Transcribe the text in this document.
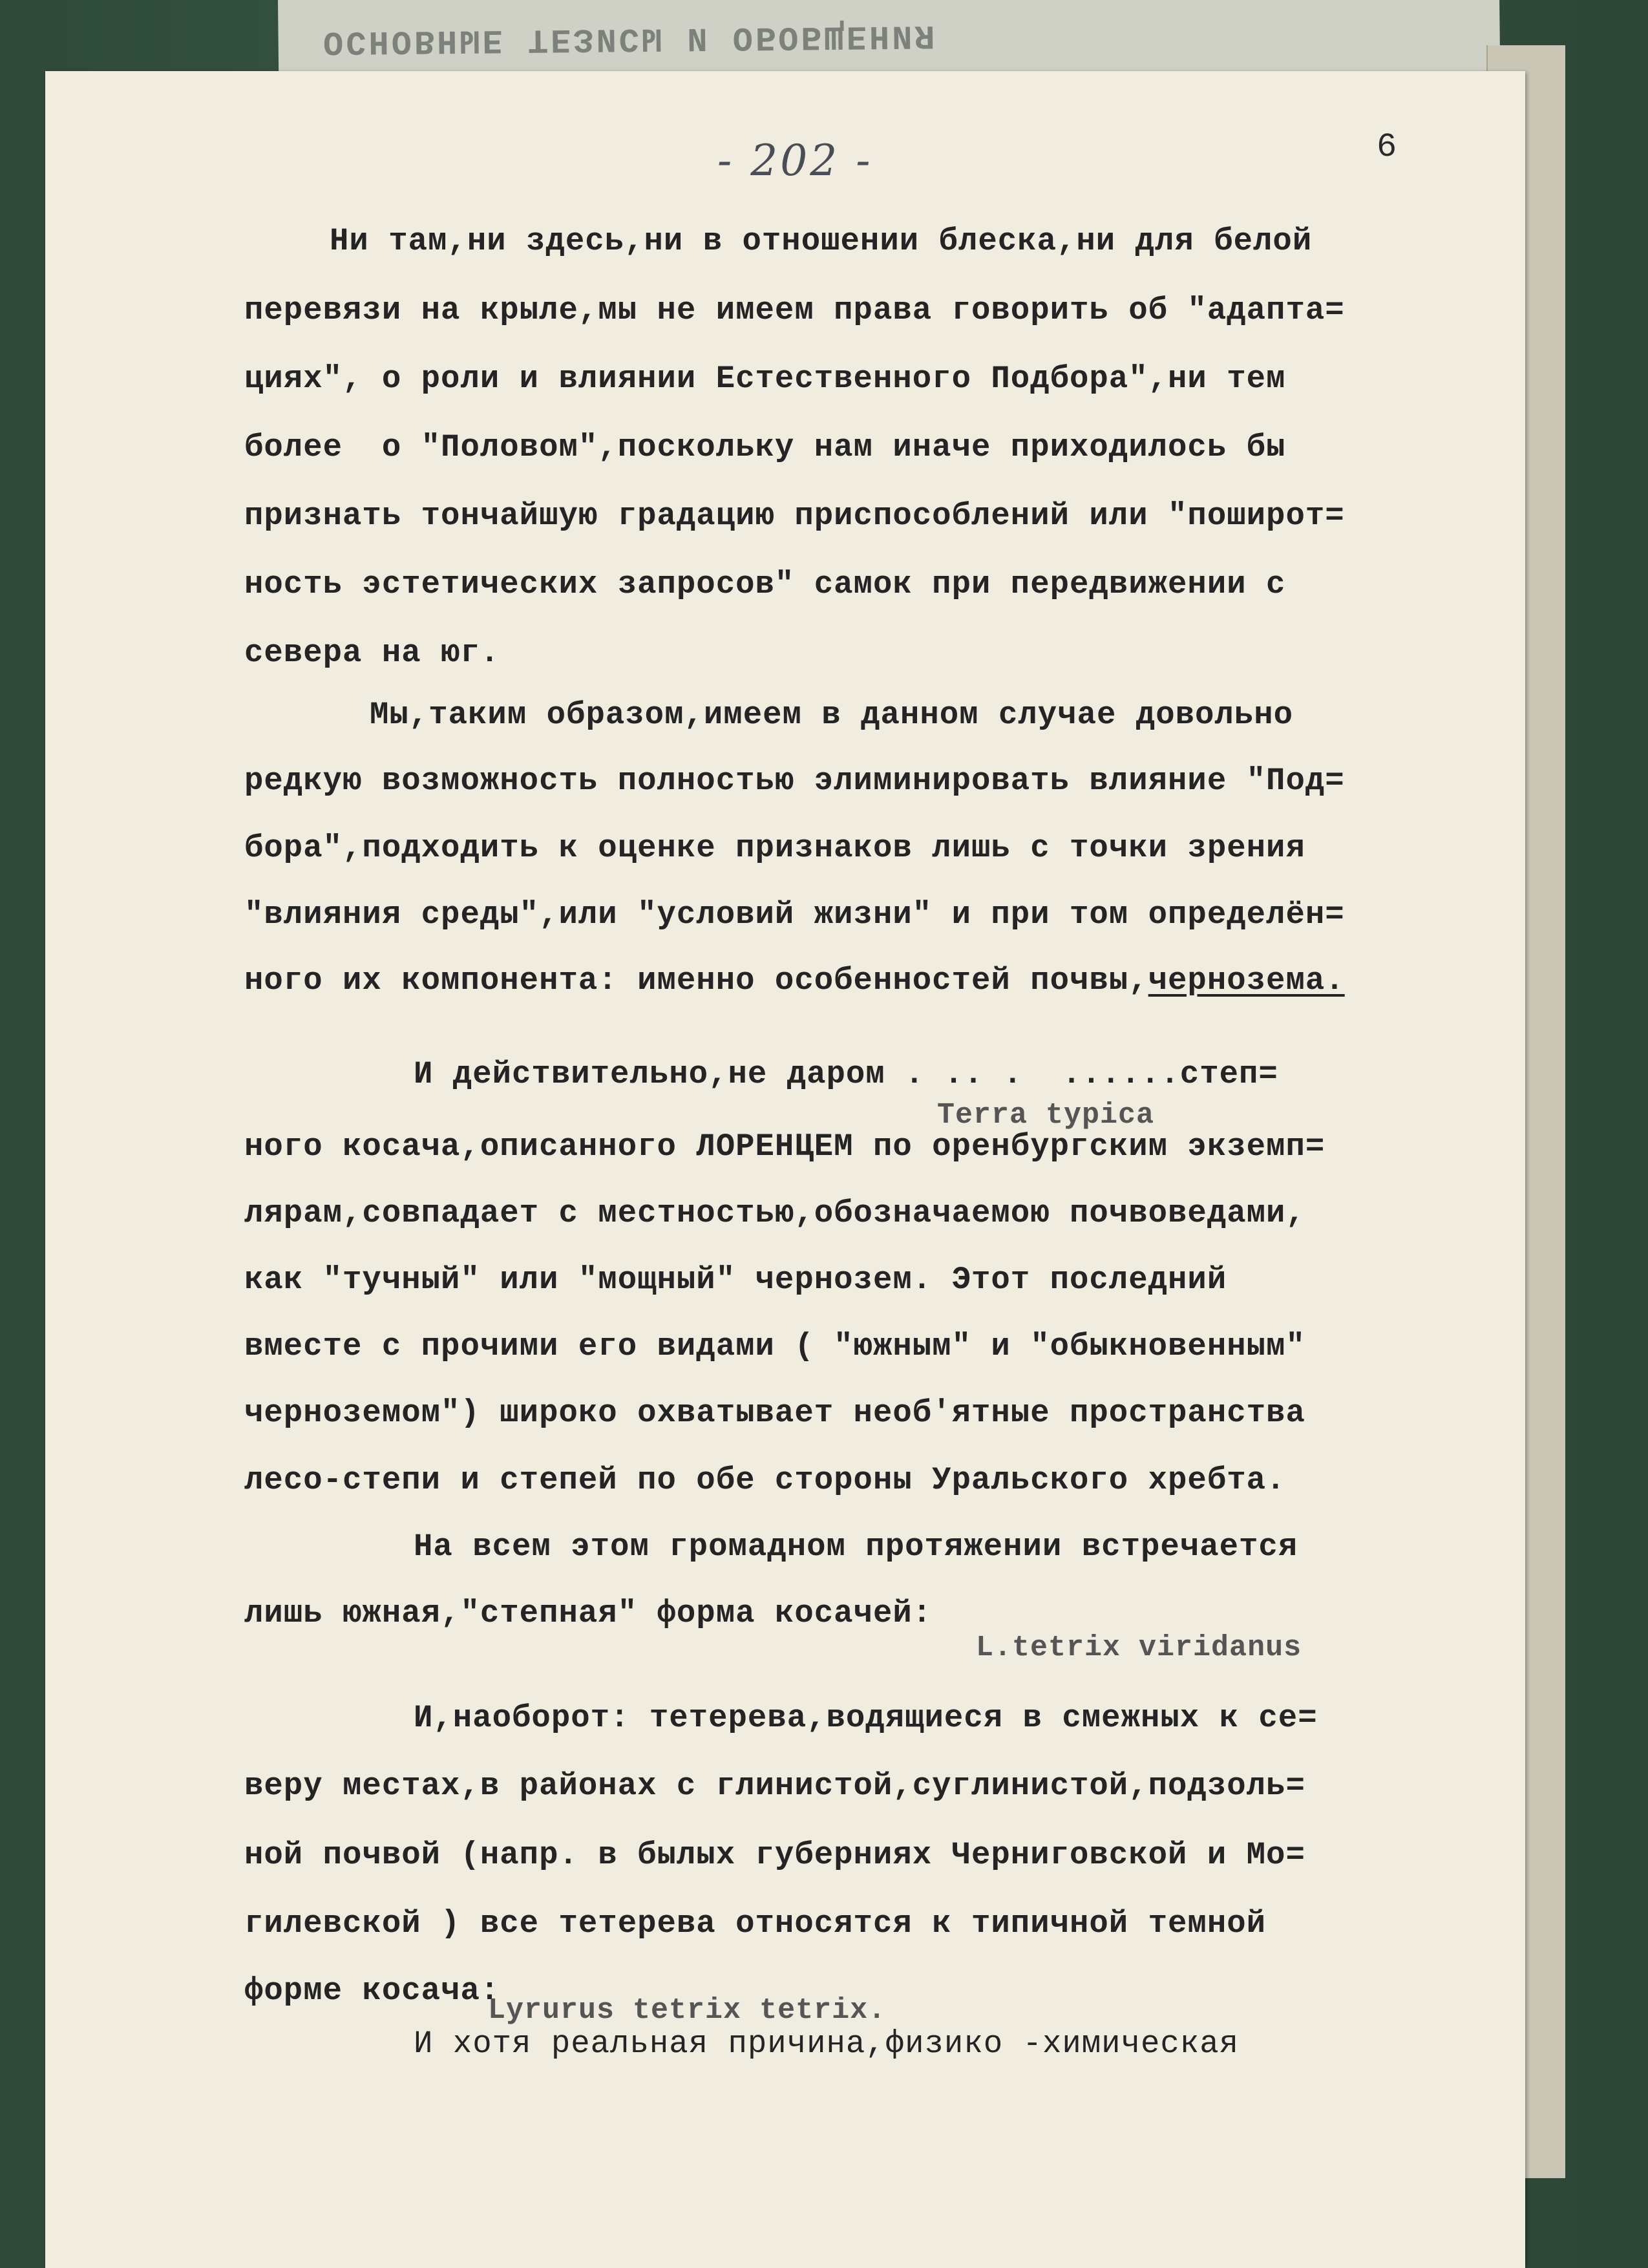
ОСНОВНЫЕ ТЕЗИСЫ И ОБОБЩЕНИЯ
- 202 -	6
Ни там,ни здесь,ни в отношении блеска,ни для белой
перевязи на крыле,мы не имеем права говорить об "адапта=
циях", о роли и влиянии Естественного Подбора",ни тем
более  о "Половом",поскольку нам иначе приходилось бы
признать тончайшую градацию приспособлений или "поширот=
ность эстетических запросов" самок при передвижении с
севера на юг.
Мы,таким образом,имеем в данном случае довольно
редкую возможность полностью элиминировать влияние "Под=
бора",подходить к оценке признаков лишь с точки зрения
"влияния среды",или "условий жизни" и при том определён=
ного их компонента: именно особенностей почвы,чернозема.
И действительно,не даром . .. .  ......степ=
Terra typica
ного косача,описанного ЛОРЕНЦЕМ по оренбургским экземп=
лярам,совпадает с местностью,обозначаемою почвоведами,
как "тучный" или "мощный" чернозем. Этот последний
вместе с прочими его видами ( "южным" и "обыкновенным"
черноземом") широко охватывает необ'ятные пространства
лесо-степи и степей по обе стороны Уральского хребта.
На всем этом громадном протяжении встречается
лишь южная,"степная" форма косачей:
L.tetrix viridanus
И,наоборот: тетерева,водящиеся в смежных к се=
веру местах,в районах с глинистой,суглинистой,подзоль=
ной почвой (напр. в былых губерниях Черниговской и Мо=
гилевской ) все тетерева относятся к типичной темной
форме косача:
Lyrurus tetrix tetrix.
И хотя реальная причина,физико -химическая
